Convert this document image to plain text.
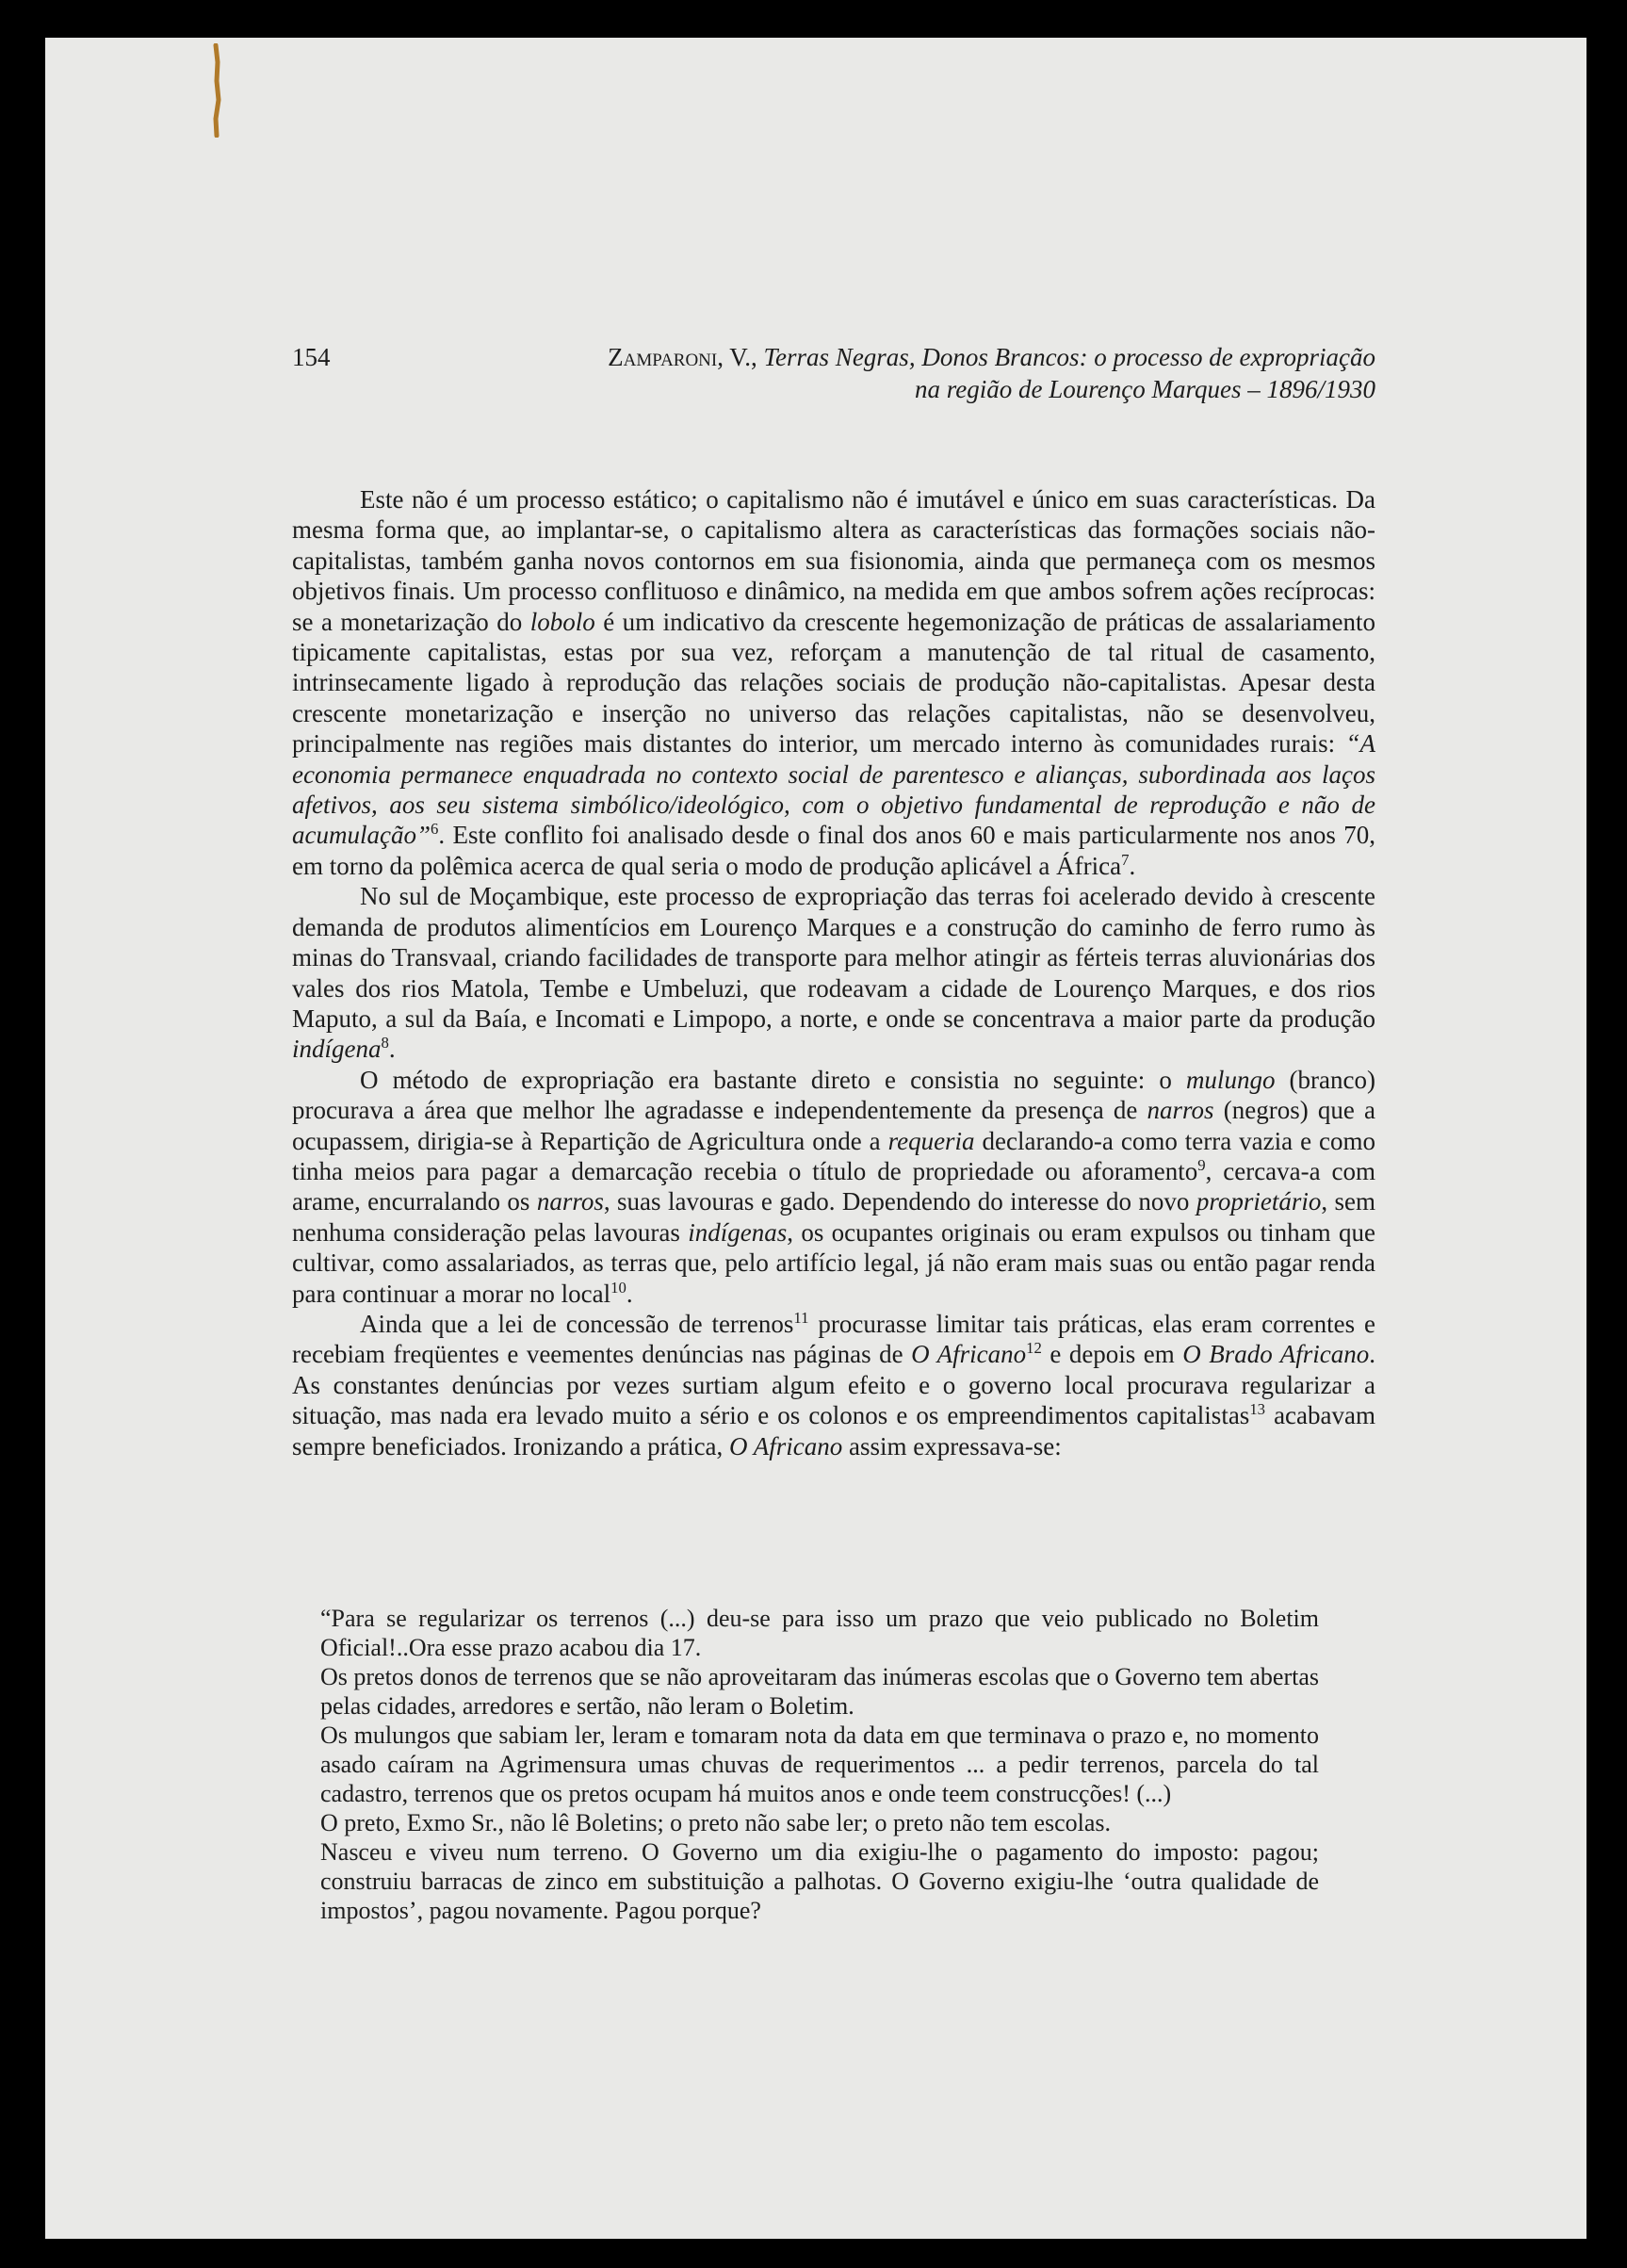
154	Zamparoni, V., Terras Negras, Donos Brancos: o processo de expropriação
na região de Lourenço Marques – 1896/1930

Este não é um processo estático; o capitalismo não é imutável e único em suas características. Da mesma forma que, ao implantar-se, o capitalismo altera as características das formações sociais não-capitalistas, também ganha novos contornos em sua fisionomia, ainda que permaneça com os mesmos objetivos finais. Um processo conflituoso e dinâmico, na medida em que ambos sofrem ações recíprocas: se a monetarização do lobolo é um indicativo da crescente hegemonização de práticas de assalariamento tipicamente capitalistas, estas por sua vez, reforçam a manutenção de tal ritual de casamento, intrinsecamente ligado à reprodução das relações sociais de produção não-capitalistas. Apesar desta crescente monetarização e inserção no universo das relações capitalistas, não se desenvolveu, principalmente nas regiões mais distantes do interior, um mercado interno às comunidades rurais: “A economia permanece enquadrada no contexto social de parentesco e alianças, subordinada aos laços afetivos, aos seu sistema simbólico/ideológico, com o objetivo fundamental de reprodução e não de acumulação”$^6$. Este conflito foi analisado desde o final dos anos 60 e mais particularmente nos anos 70, em torno da polêmica acerca de qual seria o modo de produção aplicável a África$^7$.

No sul de Moçambique, este processo de expropriação das terras foi acelerado devido à crescente demanda de produtos alimentícios em Lourenço Marques e a construção do caminho de ferro rumo às minas do Transvaal, criando facilidades de transporte para melhor atingir as férteis terras aluvionárias dos vales dos rios Matola, Tembe e Umbeluzi, que rodeavam a cidade de Lourenço Marques, e dos rios Maputo, a sul da Baía, e Incomati e Limpopo, a norte, e onde se concentrava a maior parte da produção indígena$^8$.

O método de expropriação era bastante direto e consistia no seguinte: o mulungo (branco) procurava a área que melhor lhe agradasse e independentemente da presença de narros (negros) que a ocupassem, dirigia-se à Repartição de Agricultura onde a requeria declarando-a como terra vazia e como tinha meios para pagar a demarcação recebia o título de propriedade ou aforamento$^9$, cercava-a com arame, encurralando os narros, suas lavouras e gado. Dependendo do interesse do novo proprietário, sem nenhuma consideração pelas lavouras indígenas, os ocupantes originais ou eram expulsos ou tinham que cultivar, como assalariados, as terras que, pelo artifício legal, já não eram mais suas ou então pagar renda para continuar a morar no local$^{10}$.

Ainda que a lei de concessão de terrenos$^{11}$ procurasse limitar tais práticas, elas eram correntes e recebiam freqüentes e veementes denúncias nas páginas de O Africano$^{12}$ e depois em O Brado Africano. As constantes denúncias por vezes surtiam algum efeito e o governo local procurava regularizar a situação, mas nada era levado muito a sério e os colonos e os empreendimentos capitalistas$^{13}$ acabavam sempre beneficiados. Ironizando a prática, O Africano assim expressava-se:

“Para se regularizar os terrenos (...) deu-se para isso um prazo que veio publicado no Boletim Oficial!..Ora esse prazo acabou dia 17.

Os pretos donos de terrenos que se não aproveitaram das inúmeras escolas que o Governo tem abertas pelas cidades, arredores e sertão, não leram o Boletim.

Os mulungos que sabiam ler, leram e tomaram nota da data em que terminava o prazo e, no momento asado caíram na Agrimensura umas chuvas de requerimentos ... a pedir terrenos, parcela do tal cadastro, terrenos que os pretos ocupam há muitos anos e onde teem construcções! (...)

O preto, Exmo Sr., não lê Boletins; o preto não sabe ler; o preto não tem escolas.

Nasceu e viveu num terreno. O Governo um dia exigiu-lhe o pagamento do imposto: pagou; construiu barracas de zinco em substituição a palhotas. O Governo exigiu-lhe ‘outra qualidade de impostos’, pagou novamente. Pagou porque?
